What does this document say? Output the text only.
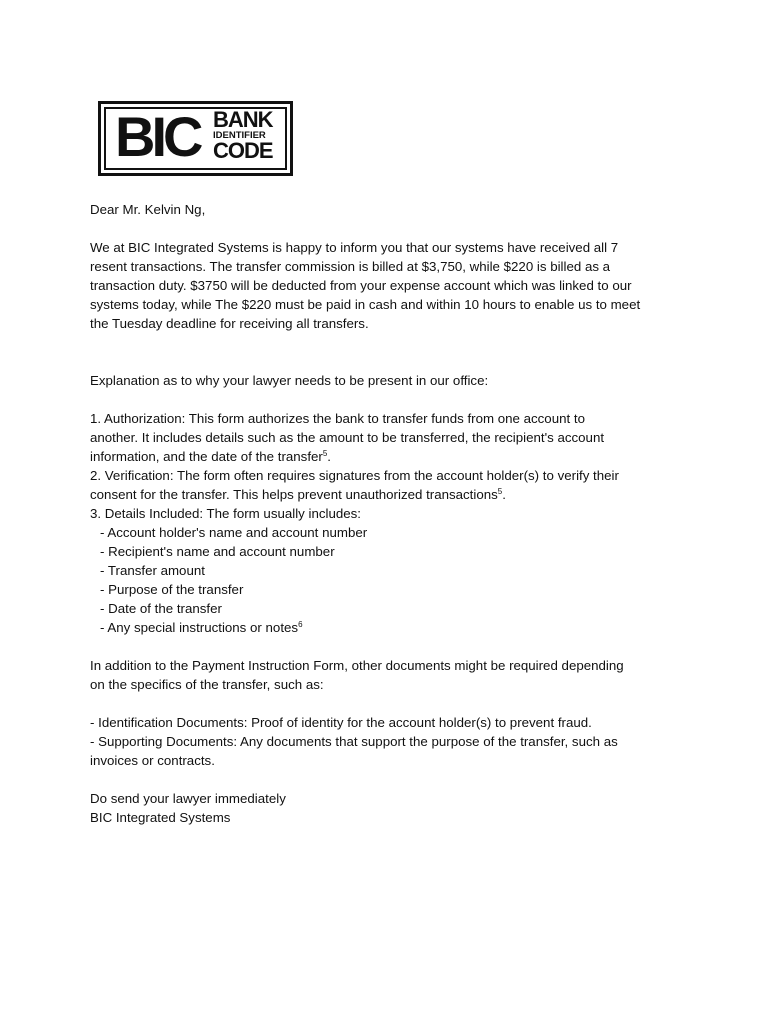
BIC BANK
IDENTIFIER
CODE

Dear Mr. Kelvin Ng,

We at BIC Integrated Systems is happy to inform you that our systems have received all 7

resent transactions. The transfer commission is billed at $3,750, while $220 is billed as a

transaction duty. $3750 will be deducted from your expense account which was linked to our

systems today, while The $220 must be paid in cash and within 10 hours to enable us to meet

the Tuesday deadline for receiving all transfers.

Explanation as to why your lawyer needs to be present in our office:

1. Authorization: This form authorizes the bank to transfer funds from one account to

another. It includes details such as the amount to be transferred, the recipient's account

information, and the date of the transfer$^5$.

2. Verification: The form often requires signatures from the account holder(s) to verify their

consent for the transfer. This helps prevent unauthorized transactions$^5$.

3. Details Included: The form usually includes:

- Account holder's name and account number

- Recipient's name and account number

- Transfer amount

- Purpose of the transfer

- Date of the transfer

- Any special instructions or notes$^6$

In addition to the Payment Instruction Form, other documents might be required depending

on the specifics of the transfer, such as:

- Identification Documents: Proof of identity for the account holder(s) to prevent fraud.

- Supporting Documents: Any documents that support the purpose of the transfer, such as

invoices or contracts.

Do send your lawyer immediately

BIC Integrated Systems
